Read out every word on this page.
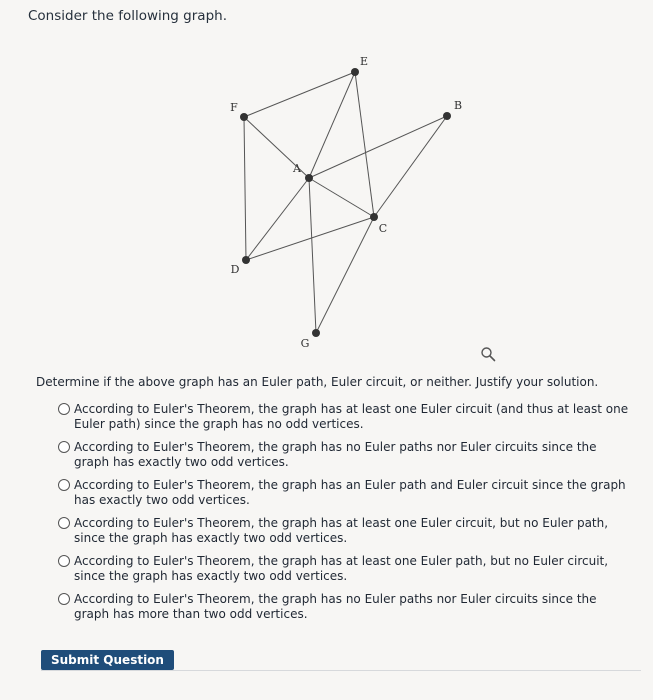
Consider the following graph.
E
F	B
A
C
D
G
Determine if the above graph has an Euler path, Euler circuit, or neither. Justify your solution.
According to Euler's Theorem, the graph has at least one Euler circuit (and thus at least one Euler path) since the graph has no odd vertices.
According to Euler's Theorem, the graph has no Euler paths nor Euler circuits since the graph has exactly two odd vertices.
According to Euler's Theorem, the graph has an Euler path and Euler circuit since the graph has exactly two odd vertices.
According to Euler's Theorem, the graph has at least one Euler circuit, but no Euler path, since the graph has exactly two odd vertices.
According to Euler's Theorem, the graph has at least one Euler path, but no Euler circuit, since the graph has exactly two odd vertices.
According to Euler's Theorem, the graph has no Euler paths nor Euler circuits since the graph has more than two odd vertices.
Submit Question
